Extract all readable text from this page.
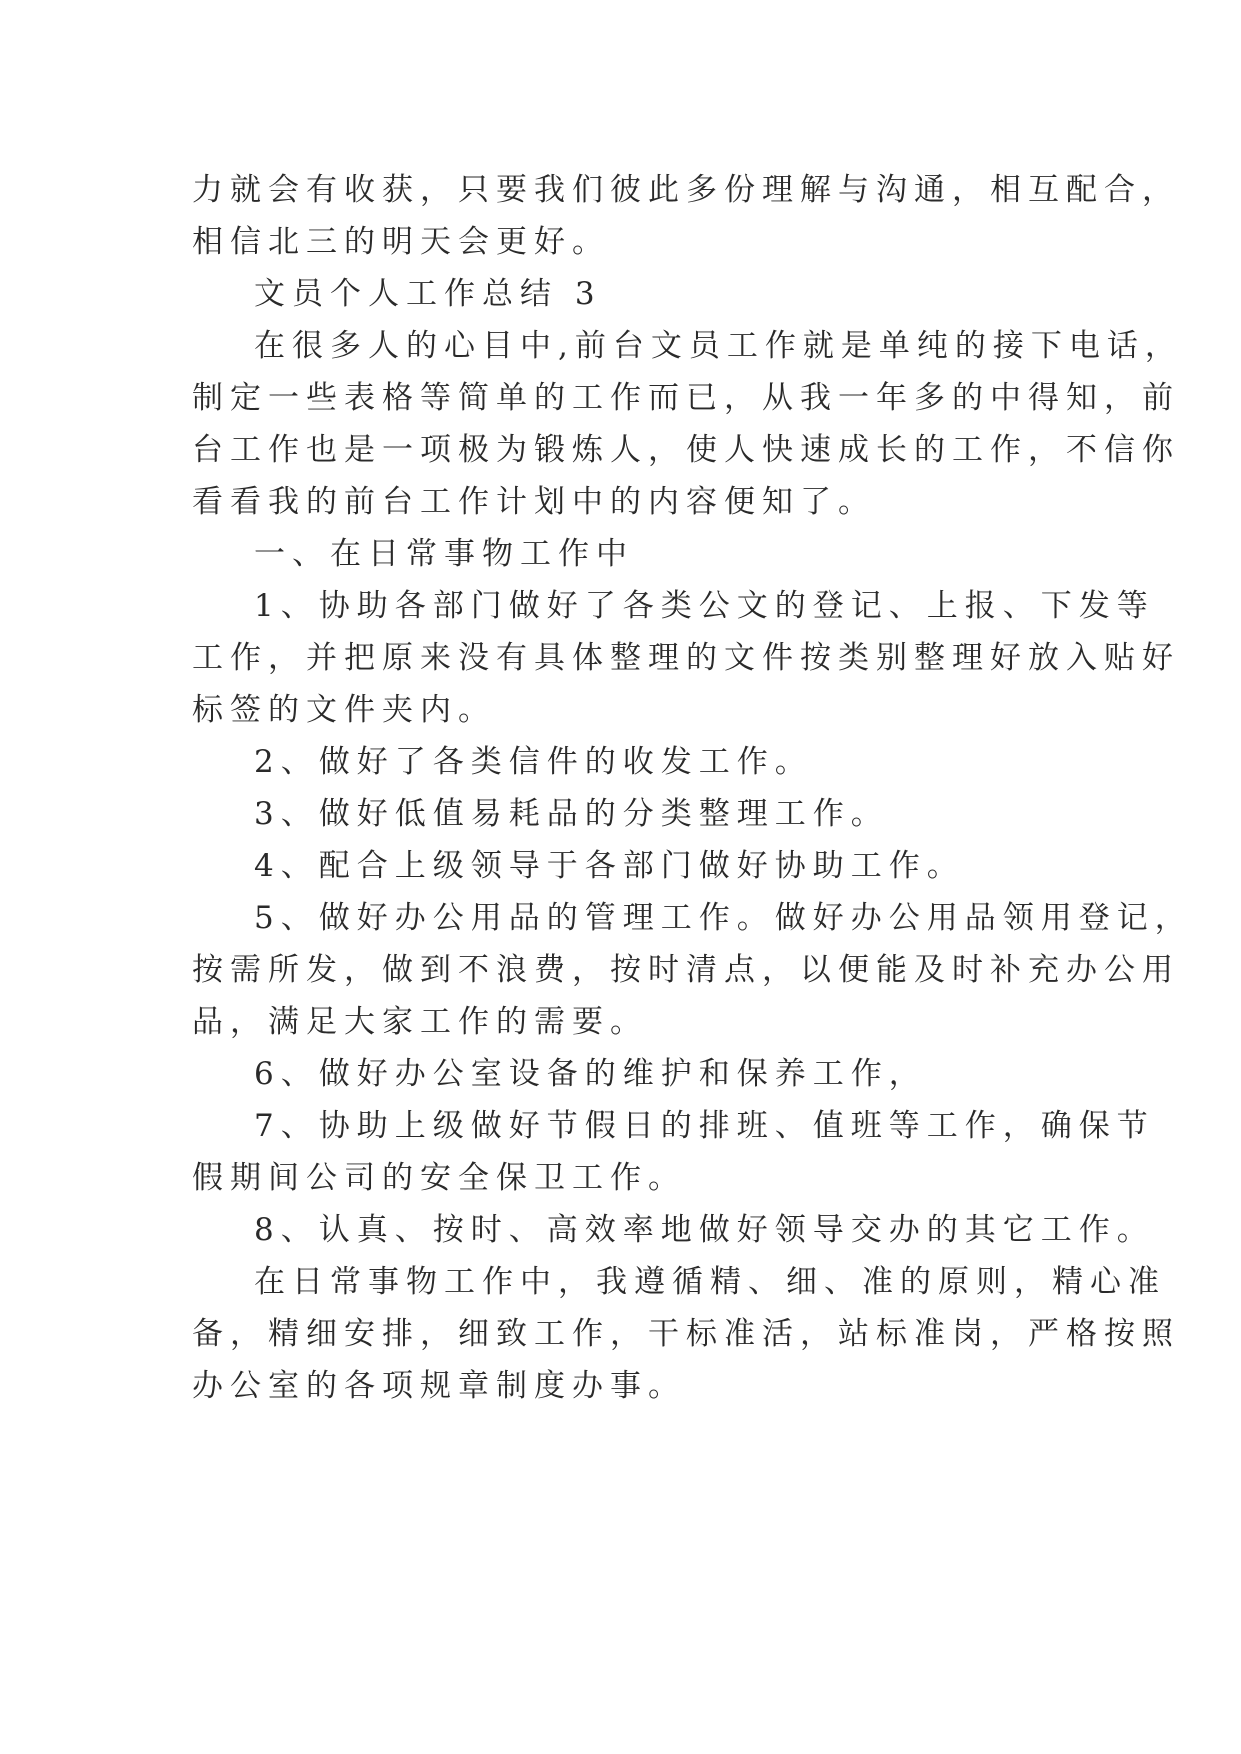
力就会有收获，只要我们彼此多份理解与沟通，相互配合，
相信北三的明天会更好。
文员个人工作总结 3
在很多人的心目中,前台文员工作就是单纯的接下电话，
制定一些表格等简单的工作而已，从我一年多的中得知，前
台工作也是一项极为锻炼人，使人快速成长的工作，不信你
看看我的前台工作计划中的内容便知了。
一、在日常事物工作中
1、协助各部门做好了各类公文的登记、上报、下发等
工作，并把原来没有具体整理的文件按类别整理好放入贴好
标签的文件夹内。
2、做好了各类信件的收发工作。
3、做好低值易耗品的分类整理工作。
4、配合上级领导于各部门做好协助工作。
5、做好办公用品的管理工作。做好办公用品领用登记，
按需所发，做到不浪费，按时清点，以便能及时补充办公用
品，满足大家工作的需要。
6、做好办公室设备的维护和保养工作，
7、协助上级做好节假日的排班、值班等工作，确保节
假期间公司的安全保卫工作。
8、认真、按时、高效率地做好领导交办的其它工作。
在日常事物工作中，我遵循精、细、准的原则，精心准
备，精细安排，细致工作，干标准活，站标准岗，严格按照
办公室的各项规章制度办事。
